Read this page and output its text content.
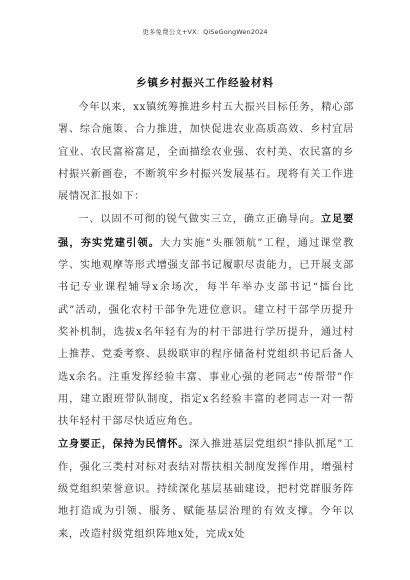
更多免费公文+VX：QiSeGongWen2024
乡镇乡村振兴工作经验材料

今年以来，xx镇统筹推进乡村五大振兴目标任务，精心部署、综合施策、合力推进，加快促进农业高质高效、乡村宜居宜业、农民富裕富足，全面描绘农业强、农村美、农民富的乡村振兴新画卷，不断筑牢乡村振兴发展基石。现将有关工作进展情况汇报如下：

一、以固不可彻的锐气做实三立，确立正确导向。立足要强，夯实党建引领。大力实施“头雁领航”工程，通过课堂教学、实地观摩等形式增强支部书记履职尽责能力，已开展支部书记专业课程辅导x余场次，每半年举办支部书记“擂台比武”活动，强化农村干部争先进位意识。建立村干部学历提升奖补机制，选拔x名年轻有为的村干部进行学历提升，通过村上推荐、党委考察、县级联审的程序储备村党组织书记后备人选x余名。注重发挥经验丰富、事业心强的老同志“传帮带”作用，建立跟班带队制度，指定x名经验丰富的老同志一对一帮扶年轻村干部尽快适应角色。

立身要正，保持为民情怀。深入推进基层党组织“排队抓尾”工作，强化三类村对标对表结对帮扶相关制度发挥作用，增强村级党组织荣誉意识。持续深化基层基础建设，把村党群服务阵地打造成为引领、服务、赋能基层治理的有效支撑。今年以来，改造村级党组织阵地x处，完成x处
